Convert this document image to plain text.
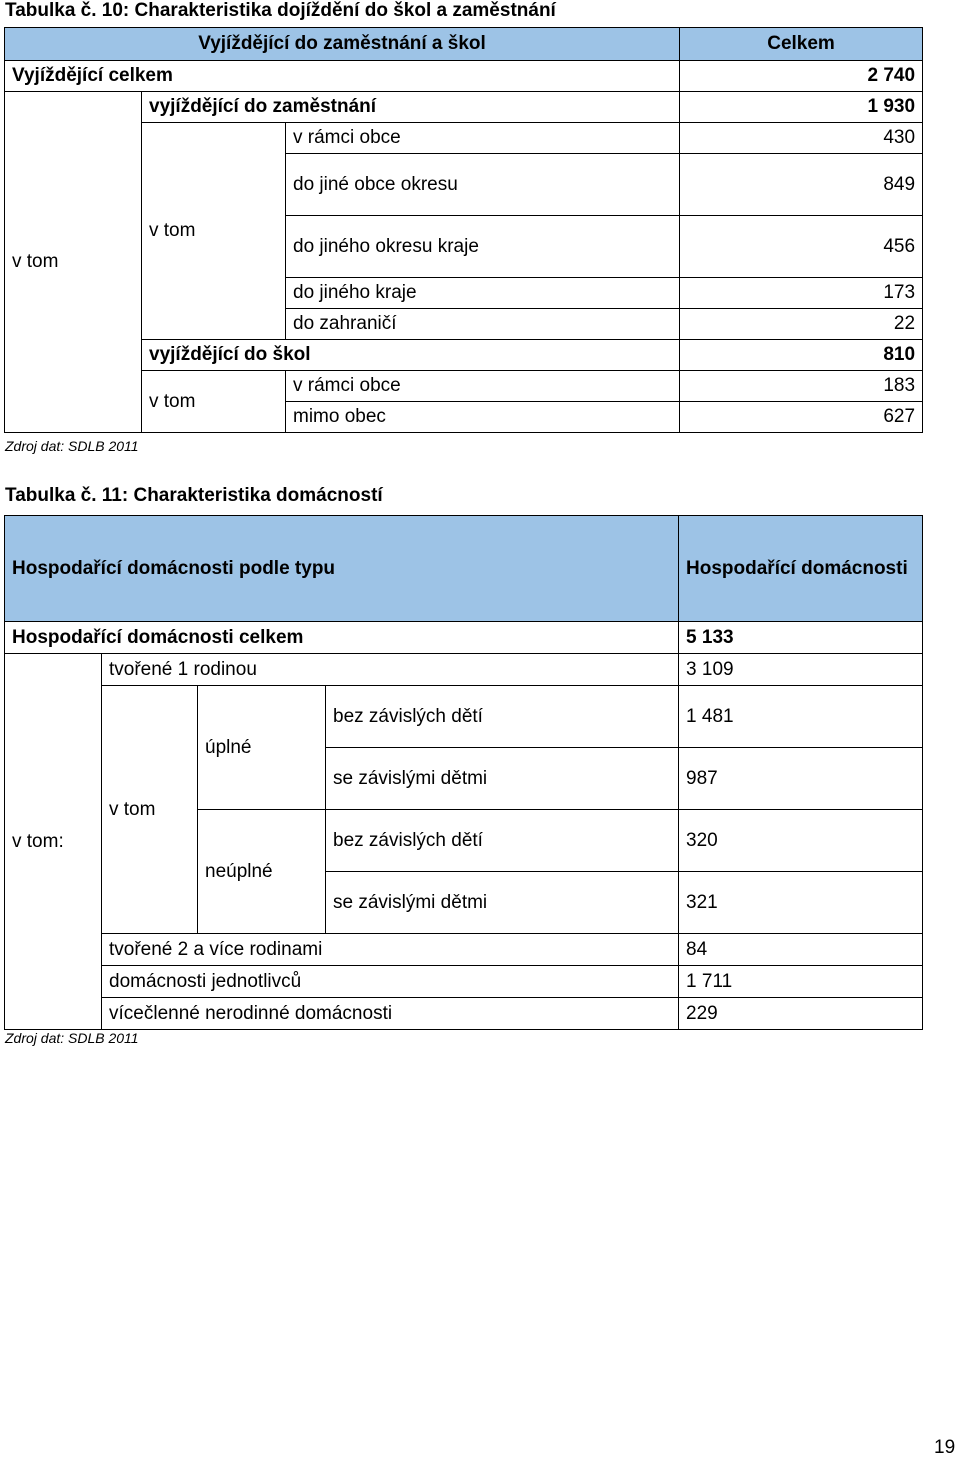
Tabulka č. 10: Charakteristika dojíždění do škol a zaměstnání
Vyjíždějící do zaměstnání a škol			Celkem
Vyjíždějící celkem			2 740
v tom	vyjíždějící do zaměstnání		1 930
	v tom	v rámci obce	430
		do jiné obce okresu	849
		do jiného okresu kraje	456
		do jiného kraje	173
		do zahraničí	22
	vyjíždějící do škol		810
	v tom	v rámci obce	183
		mimo obec	627
Zdroj dat: SDLB 2011
Tabulka č. 11: Charakteristika domácností
Hospodařící domácnosti podle typu				Hospodařící domácnosti
Hospodařící domácnosti celkem				5 133
v tom:	tvořené 1 rodinou			3 109
	v tom	úplné	bez závislých dětí	1 481
			se závislými dětmi	987
		neúplné	bez závislých dětí	320
			se závislými dětmi	321
	tvořené 2 a více rodinami			84
	domácnosti jednotlivců			1 711
	vícečlenné nerodinné domácnosti			229
Zdroj dat: SDLB 2011
19
